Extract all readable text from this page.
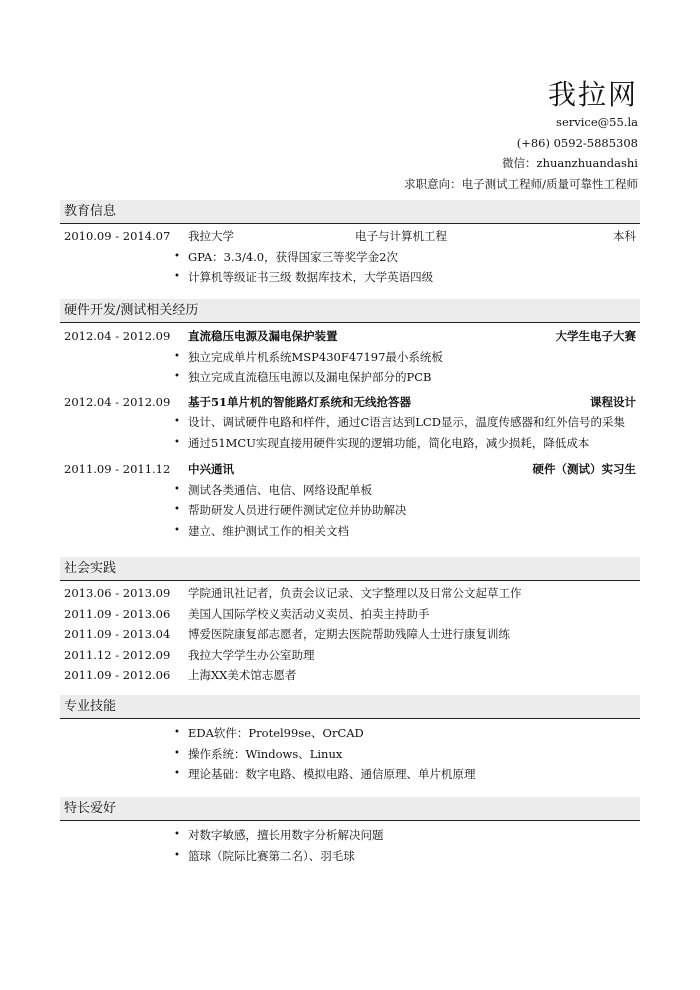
我拉网
service@55.la
(+86) 0592-5885308
微信：zhuanzhuandashi
求职意向：电子测试工程师/质量可靠性工程师
教育信息
2010.09 - 2014.07 我拉大学	电子与计算机工程	本科
• GPA：3.3/4.0，获得国家三等奖学金2次
• 计算机等级证书三级 数据库技术，大学英语四级
硬件开发/测试相关经历
2012.04 - 2012.09 直流稳压电源及漏电保护装置	大学生电子大赛
• 独立完成单片机系统MSP430F47197最小系统板
• 独立完成直流稳压电源以及漏电保护部分的PCB
2012.04 - 2012.09 基于51单片机的智能路灯系统和无线抢答器	课程设计
• 设计、调试硬件电路和样件，通过C语言达到LCD显示，温度传感器和红外信号的采集
• 通过51MCU实现直接用硬件实现的逻辑功能，简化电路，减少损耗，降低成本
2011.09 - 2011.12 中兴通讯	硬件（测试）实习生
• 测试各类通信、电信、网络设配单板
• 帮助研发人员进行硬件测试定位并协助解决
• 建立、维护测试工作的相关文档
社会实践
2013.06 - 2013.09 学院通讯社记者，负责会议记录、文字整理以及日常公文起草工作
2011.09 - 2013.06 美国人国际学校义卖活动义卖员、拍卖主持助手
2011.09 - 2013.04 博爱医院康复部志愿者，定期去医院帮助残障人士进行康复训练
2011.12 - 2012.09 我拉大学学生办公室助理
2011.09 - 2012.06 上海XX美术馆志愿者
专业技能
• EDA软件：Protel99se、OrCAD
• 操作系统：Windows、Linux
• 理论基础：数字电路、模拟电路、通信原理、单片机原理
特长爱好
• 对数字敏感，擅长用数字分析解决问题
• 篮球（院际比赛第二名）、羽毛球
